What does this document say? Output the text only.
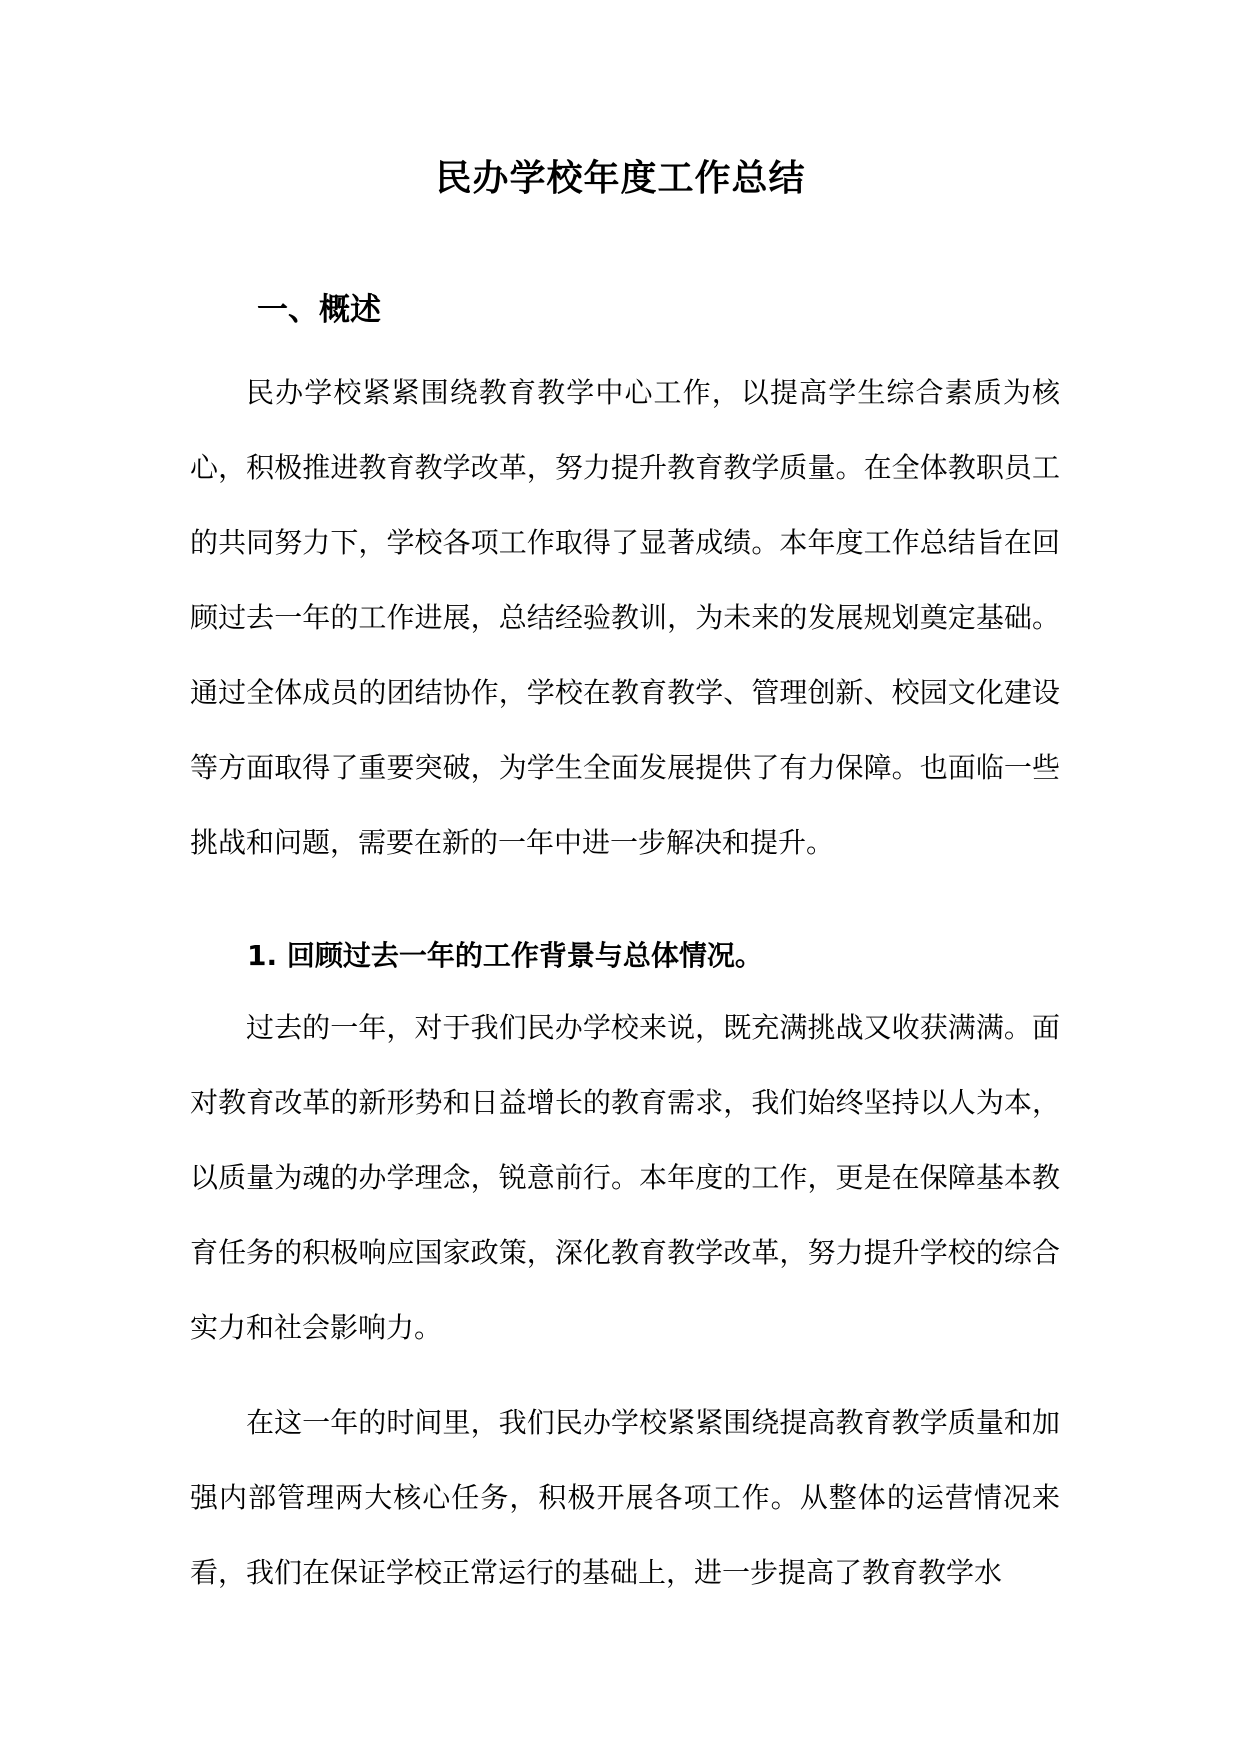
民办学校年度工作总结
一、概述

民办学校紧紧围绕教育教学中心工作，以提高学生综合素质为核心，积极推进教育教学改革，努力提升教育教学质量。在全体教职员工的共同努力下，学校各项工作取得了显著成绩。本年度工作总结旨在回顾过去一年的工作进展，总结经验教训，为未来的发展规划奠定基础。通过全体成员的团结协作，学校在教育教学、管理创新、校园文化建设等方面取得了重要突破，为学生全面发展提供了有力保障。也面临一些挑战和问题，需要在新的一年中进一步解决和提升。

1. 回顾过去一年的工作背景与总体情况。

过去的一年，对于我们民办学校来说，既充满挑战又收获满满。面对教育改革的新形势和日益增长的教育需求，我们始终坚持以人为本，以质量为魂的办学理念，锐意前行。本年度的工作，更是在保障基本教育任务的积极响应国家政策，深化教育教学改革，努力提升学校的综合实力和社会影响力。

在这一年的时间里，我们民办学校紧紧围绕提高教育教学质量和加强内部管理两大核心任务，积极开展各项工作。从整体的运营情况来看，我们在保证学校正常运行的基础上，进一步提高了教育教学水
